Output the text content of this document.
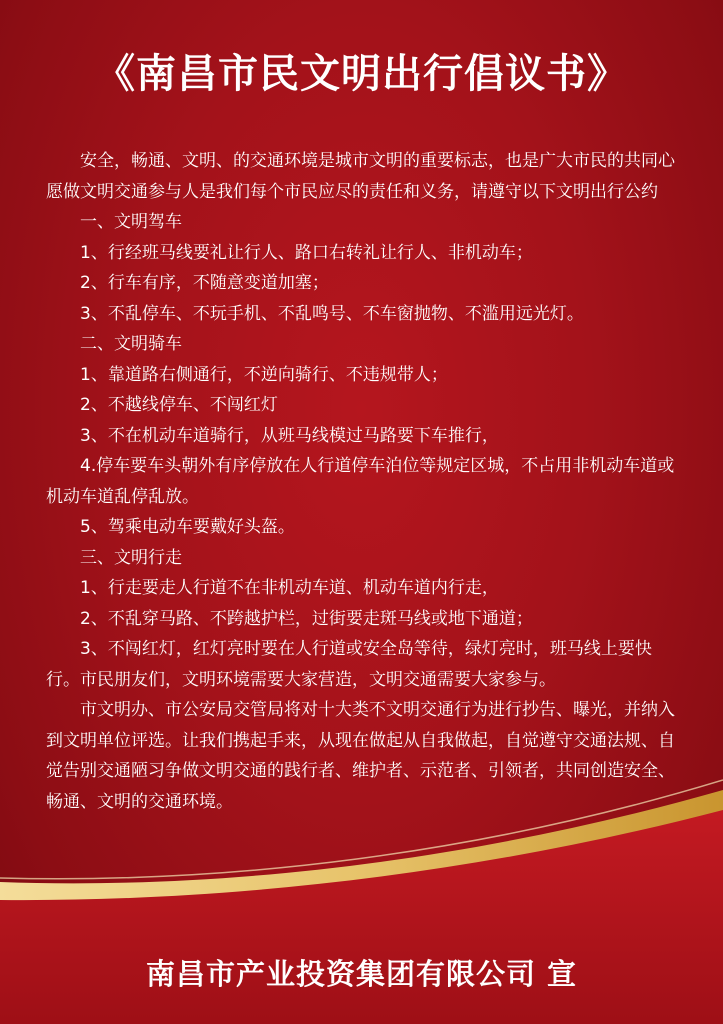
《南昌市民文明出行倡议书》

安全，畅通、文明、的交通环境是城市文明的重要标志，也是广大市民的共同心愿做文明交通参与人是我们每个市民应尽的责任和义务，请遵守以下文明出行公约

一、文明驾车

1、行经班马线要礼让行人、路口右转礼让行人、非机动车；

2、行车有序，不随意变道加塞；

3、不乱停车、不玩手机、不乱鸣号、不车窗抛物、不滥用远光灯。

二、文明骑车

1、靠道路右侧通行，不逆向骑行、不违规带人；

2、不越线停车、不闯红灯

3、不在机动车道骑行，从班马线模过马路要下车推行，

4.停车要车头朝外有序停放在人行道停车泊位等规定区城，不占用非机动车道或机动车道乱停乱放。

5、驾乘电动车要戴好头盔。

三、文明行走

1、行走要走人行道不在非机动车道、机动车道内行走，

2、不乱穿马路、不跨越护栏，过街要走斑马线或地下通道；

3、不闯红灯，红灯亮时要在人行道或安全岛等待，绿灯亮时，班马线上要快行。市民朋友们，文明环境需要大家营造，文明交通需要大家参与。

市文明办、市公安局交管局将对十大类不文明交通行为进行抄告、曝光，并纳入到文明单位评选。让我们携起手来，从现在做起从自我做起，自觉遵守交通法规、自觉告别交通陋习争做文明交通的践行者、维护者、示范者、引领者，共同创造安全、畅通、文明的交通环境。

南昌市产业投资集团有限公司 宣
